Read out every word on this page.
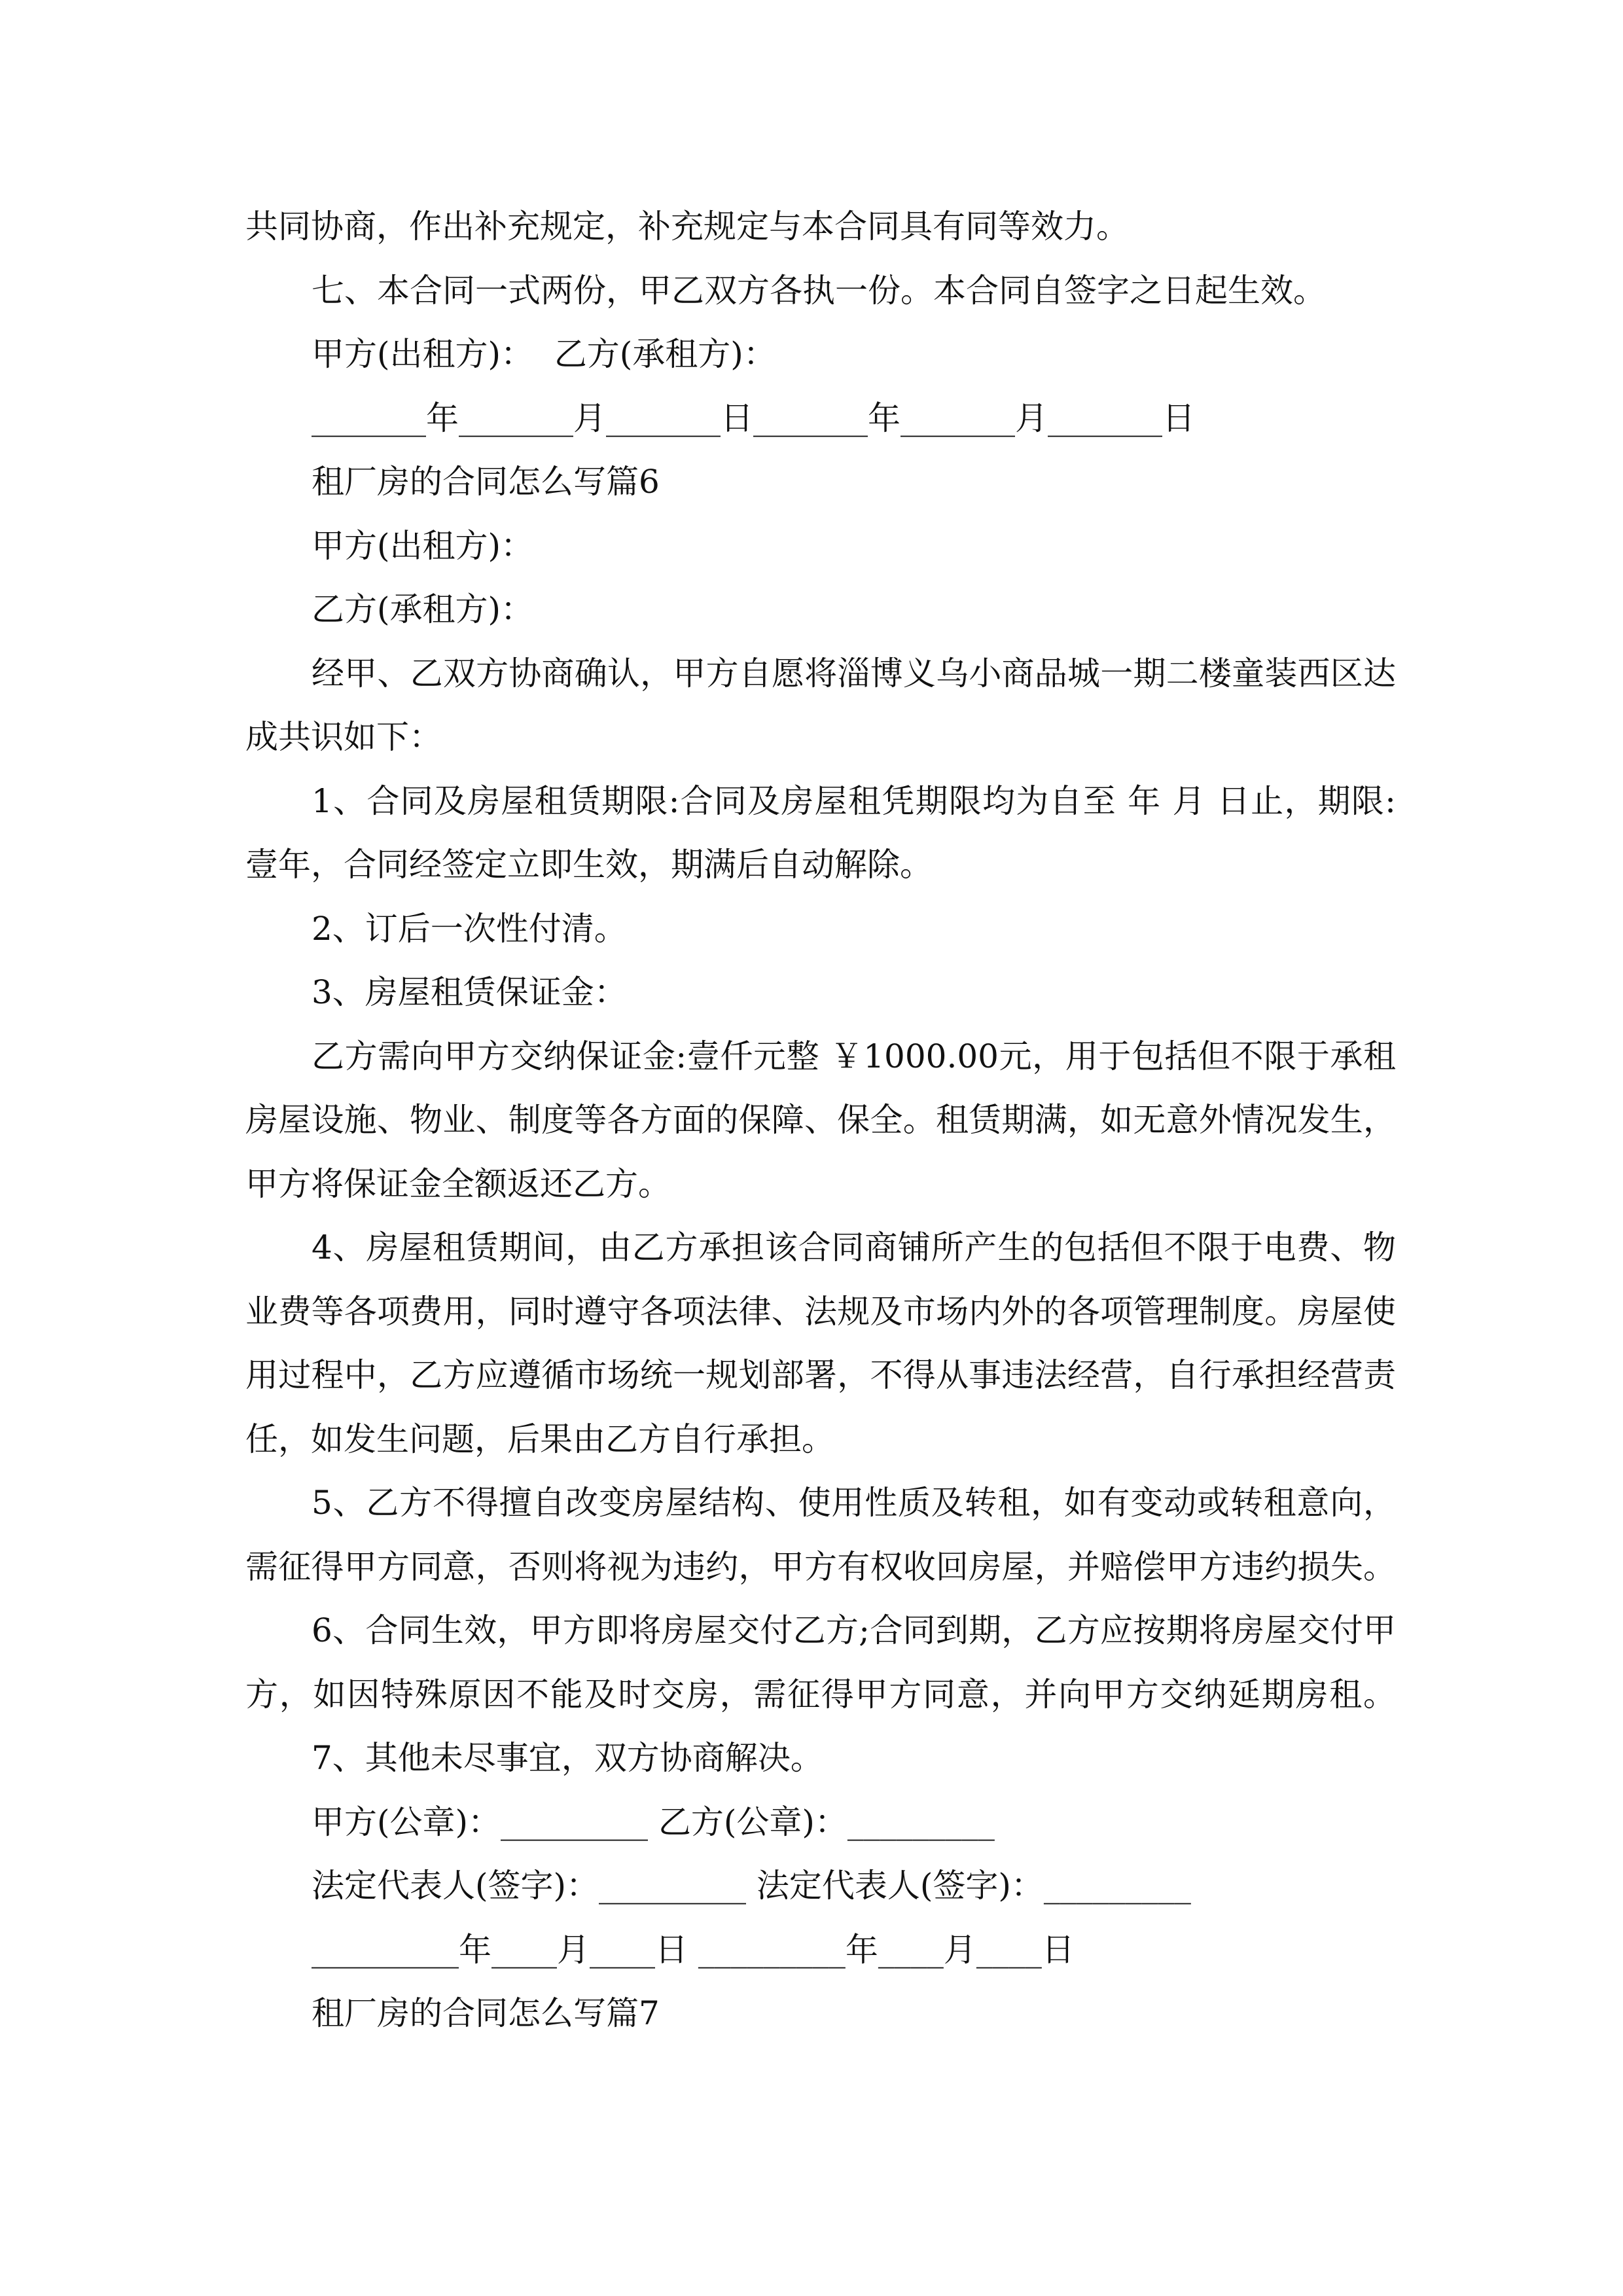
共同协商，作出补充规定，补充规定与本合同具有同等效力。
七、本合同一式两份，甲乙双方各执一份。本合同自签字之日起生效。
甲方(出租方)：  乙方(承租方)：
_______年_______月_______日_______年_______月_______日
租厂房的合同怎么写篇6
甲方(出租方)：
乙方(承租方)：
经甲、乙双方协商确认，甲方自愿将淄博义乌小商品城一期二楼童装西区达
成共识如下：
1、合同及房屋租赁期限:合同及房屋租凭期限均为自至 年 月 日止，期限:
壹年，合同经签定立即生效，期满后自动解除。
2、订后一次性付清。
3、房屋租赁保证金：
乙方需向甲方交纳保证金:壹仟元整 ￥1000.00元，用于包括但不限于承租
房屋设施、物业、制度等各方面的保障、保全。租赁期满，如无意外情况发生，
甲方将保证金全额返还乙方。
4、房屋租赁期间，由乙方承担该合同商铺所产生的包括但不限于电费、物
业费等各项费用，同时遵守各项法律、法规及市场内外的各项管理制度。房屋使
用过程中，乙方应遵循市场统一规划部署，不得从事违法经营，自行承担经营责
任，如发生问题，后果由乙方自行承担。
5、乙方不得擅自改变房屋结构、使用性质及转租，如有变动或转租意向，
需征得甲方同意，否则将视为违约，甲方有权收回房屋，并赔偿甲方违约损失。
6、合同生效，甲方即将房屋交付乙方;合同到期，乙方应按期将房屋交付甲
方，如因特殊原因不能及时交房，需征得甲方同意，并向甲方交纳延期房租。
7、其他未尽事宜，双方协商解决。
甲方(公章)：_________ 乙方(公章)：_________
法定代表人(签字)：_________ 法定代表人(签字)：_________
_________年____月____日 _________年____月____日
租厂房的合同怎么写篇7
